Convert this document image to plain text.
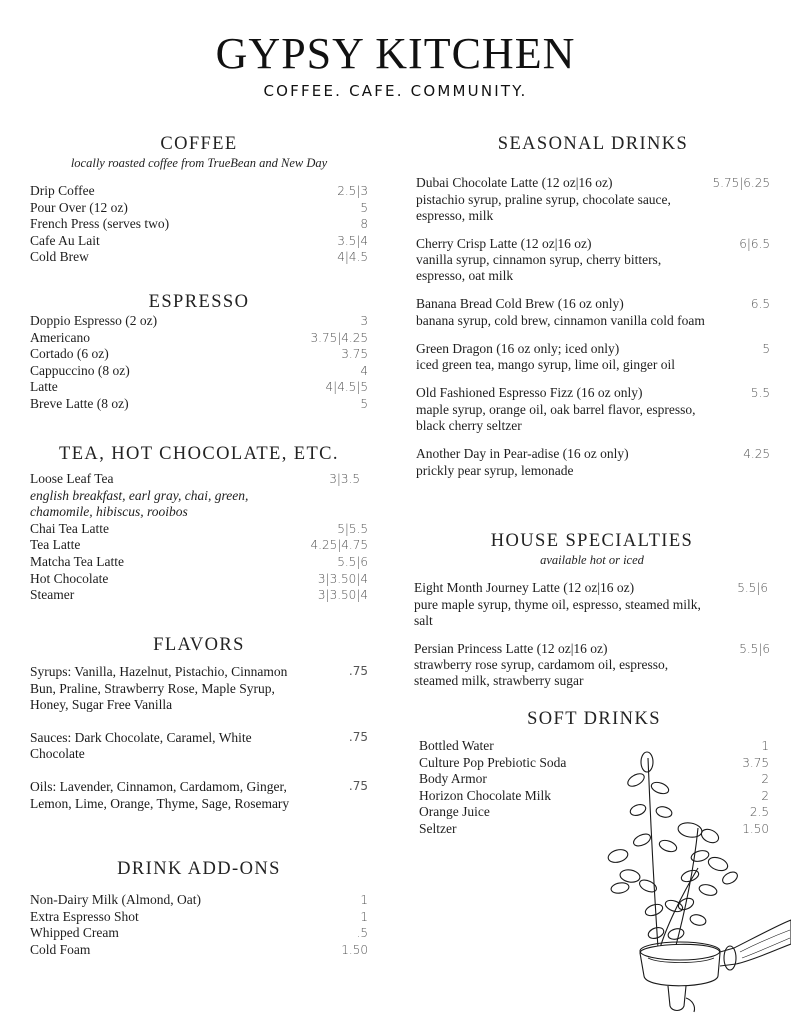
GYPSY KITCHEN
COFFEE. CAFE. COMMUNITY.
COFFEE
locally roasted coffee from TrueBean and New Day
Drip Coffee	2.5|3
Pour Over (12 oz)	5
French Press (serves two)	8
Cafe Au Lait	3.5|4
Cold Brew	4|4.5
ESPRESSO
Doppio Espresso (2 oz)	3
Americano	3.75|4.25
Cortado (6 oz)	3.75
Cappuccino (8 oz)	4
Latte	4|4.5|5
Breve Latte (8 oz)	5
TEA, HOT CHOCOLATE, ETC.
Loose Leaf Tea	3|3.5
english breakfast, earl gray, chai, green, chamomile, hibiscus, rooibos
Chai Tea Latte	5|5.5
Tea Latte	4.25|4.75
Matcha Tea Latte	5.5|6
Hot Chocolate	3|3.50|4
Steamer	3|3.50|4
FLAVORS
Syrups: Vanilla, Hazelnut, Pistachio, Cinnamon Bun, Praline, Strawberry Rose, Maple Syrup, Honey, Sugar Free Vanilla
.75
Sauces: Dark Chocolate, Caramel, White Chocolate
.75
Oils: Lavender, Cinnamon, Cardamom, Ginger, Lemon, Lime, Orange, Thyme, Sage, Rosemary
.75
DRINK ADD-ONS
Non-Dairy Milk (Almond, Oat)	1
Extra Espresso Shot	1
Whipped Cream	.5
Cold Foam	1.50
SEASONAL DRINKS
Dubai Chocolate Latte (12 oz|16 oz)	5.75|6.25
pistachio syrup, praline syrup, chocolate sauce, espresso, milk
Cherry Crisp Latte (12 oz|16 oz)	6|6.5
vanilla syrup, cinnamon syrup, cherry bitters, espresso, oat milk
Banana Bread Cold Brew (16 oz only)	6.5
banana syrup, cold brew, cinnamon vanilla cold foam
Green Dragon (16 oz only; iced only)	5
iced green tea, mango syrup, lime oil, ginger oil
Old Fashioned Espresso Fizz (16 oz only)	5.5
maple syrup, orange oil, oak barrel flavor, espresso, black cherry seltzer
Another Day in Pear-adise (16 oz only)	4.25
prickly pear syrup, lemonade
HOUSE SPECIALTIES
available hot or iced
Eight Month Journey Latte (12 oz|16 oz)	5.5|6
pure maple syrup, thyme oil, espresso, steamed milk, salt
Persian Princess Latte (12 oz|16 oz)	5.5|6
strawberry rose syrup, cardamom oil, espresso, steamed milk, strawberry sugar
SOFT DRINKS
Bottled Water	1
Culture Pop Prebiotic Soda	3.75
Body Armor	2
Horizon Chocolate Milk	2
Orange Juice	2.5
Seltzer	1.50
